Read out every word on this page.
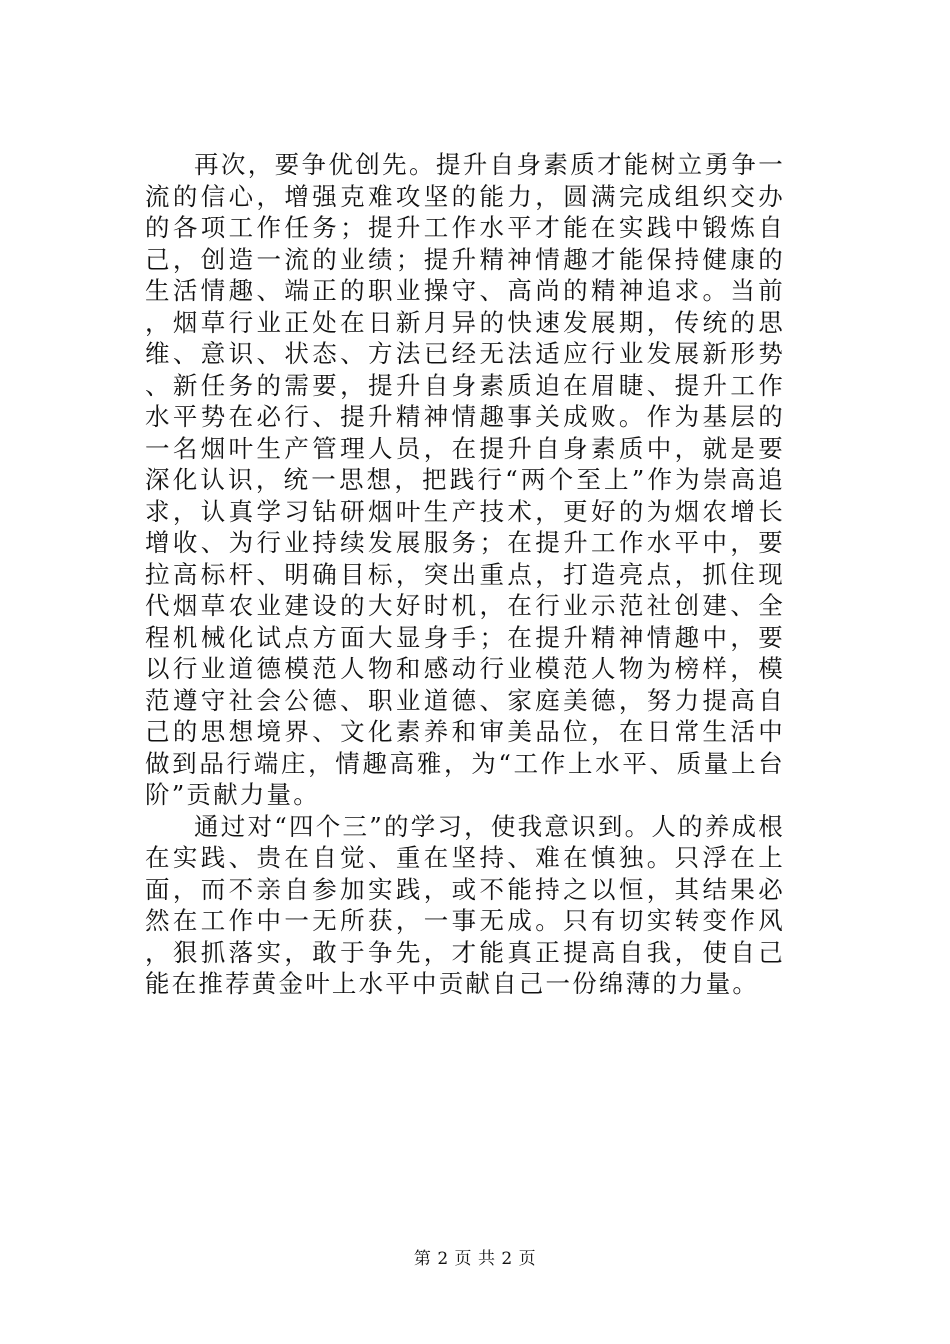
再次，要争优创先。提升自身素质才能树立勇争一流的信心，增强克难攻坚的能力，圆满完成组织交办的各项工作任务；提升工作水平才能在实践中锻炼自己，创造一流的业绩；提升精神情趣才能保持健康的生活情趣、端正的职业操守、高尚的精神追求。当前，烟草行业正处在日新月异的快速发展期，传统的思维、意识、状态、方法已经无法适应行业发展新形势、新任务的需要，提升自身素质迫在眉睫、提升工作水平势在必行、提升精神情趣事关成败。作为基层的一名烟叶生产管理人员，在提升自身素质中，就是要深化认识，统一思想，把践行“两个至上”作为崇高追求，认真学习钻研烟叶生产技术，更好的为烟农增长增收、为行业持续发展服务；在提升工作水平中，要拉高标杆、明确目标，突出重点，打造亮点，抓住现代烟草农业建设的大好时机，在行业示范社创建、全程机械化试点方面大显身手；在提升精神情趣中，要以行业道德模范人物和感动行业模范人物为榜样，模范遵守社会公德、职业道德、家庭美德，努力提高自己的思想境界、文化素养和审美品位，在日常生活中做到品行端庄，情趣高雅，为“工作上水平、质量上台阶”贡献力量。

通过对“四个三”的学习，使我意识到。人的养成根在实践、贵在自觉、重在坚持、难在慎独。只浮在上面，而不亲自参加实践，或不能持之以恒，其结果必然在工作中一无所获，一事无成。只有切实转变作风，狠抓落实，敢于争先，才能真正提高自我，使自己能在推荐黄金叶上水平中贡献自己一份绵薄的力量。

第 2 页 共 2 页
